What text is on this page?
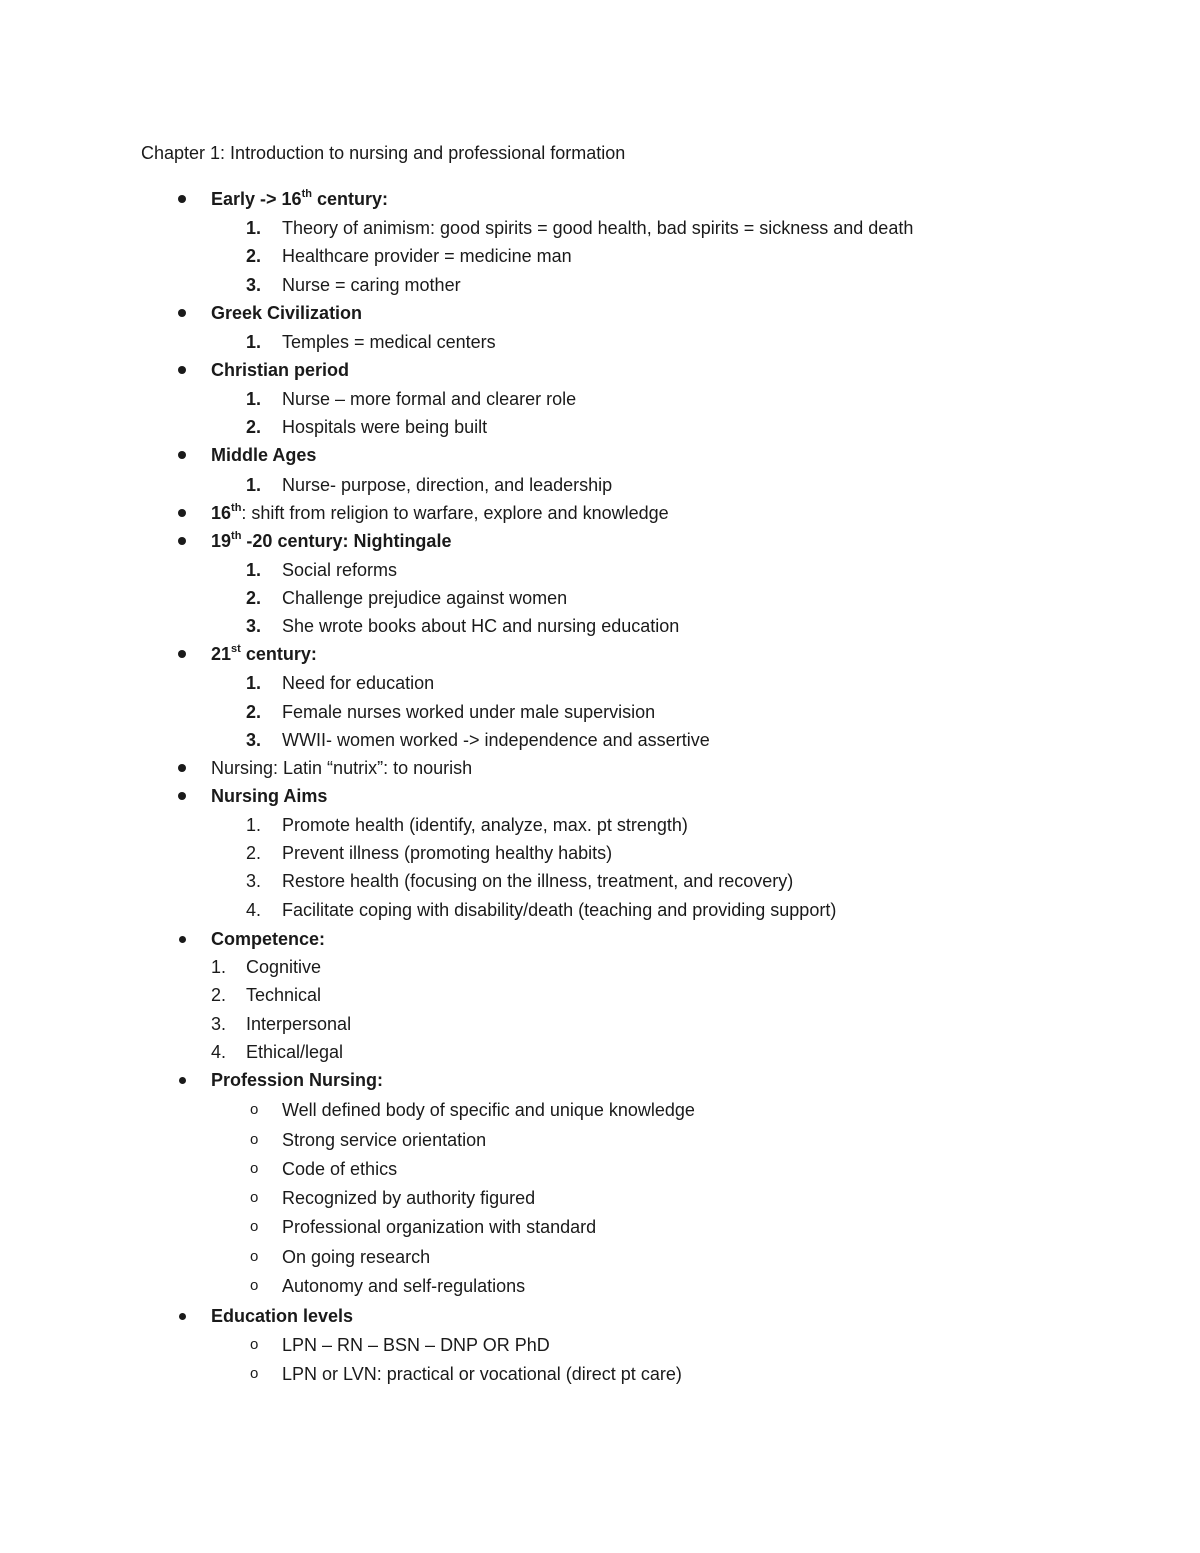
Chapter 1: Introduction to nursing and professional formation
Early -> 16th century:
1. Theory of animism: good spirits = good health, bad spirits = sickness and death
2. Healthcare provider = medicine man
3. Nurse = caring mother
Greek Civilization
1. Temples = medical centers
Christian period
1. Nurse – more formal and clearer role
2. Hospitals were being built
Middle Ages
1. Nurse- purpose, direction, and leadership
16th: shift from religion to warfare, explore and knowledge
19th -20 century: Nightingale
1. Social reforms
2. Challenge prejudice against women
3. She wrote books about HC and nursing education
21st century:
1. Need for education
2. Female nurses worked under male supervision
3. WWII- women worked -> independence and assertive
Nursing: Latin “nutrix”: to nourish
Nursing Aims
1. Promote health (identify, analyze, max. pt strength)
2. Prevent illness (promoting healthy habits)
3. Restore health (focusing on the illness, treatment, and recovery)
4. Facilitate coping with disability/death (teaching and providing support)
Competence:
1. Cognitive
2. Technical
3. Interpersonal
4. Ethical/legal
Profession Nursing:
o Well defined body of specific and unique knowledge
o Strong service orientation
o Code of ethics
o Recognized by authority figured
o Professional organization with standard
o On going research
o Autonomy and self-regulations
Education levels
o LPN – RN – BSN – DNP OR PhD
o LPN or LVN: practical or vocational (direct pt care)
